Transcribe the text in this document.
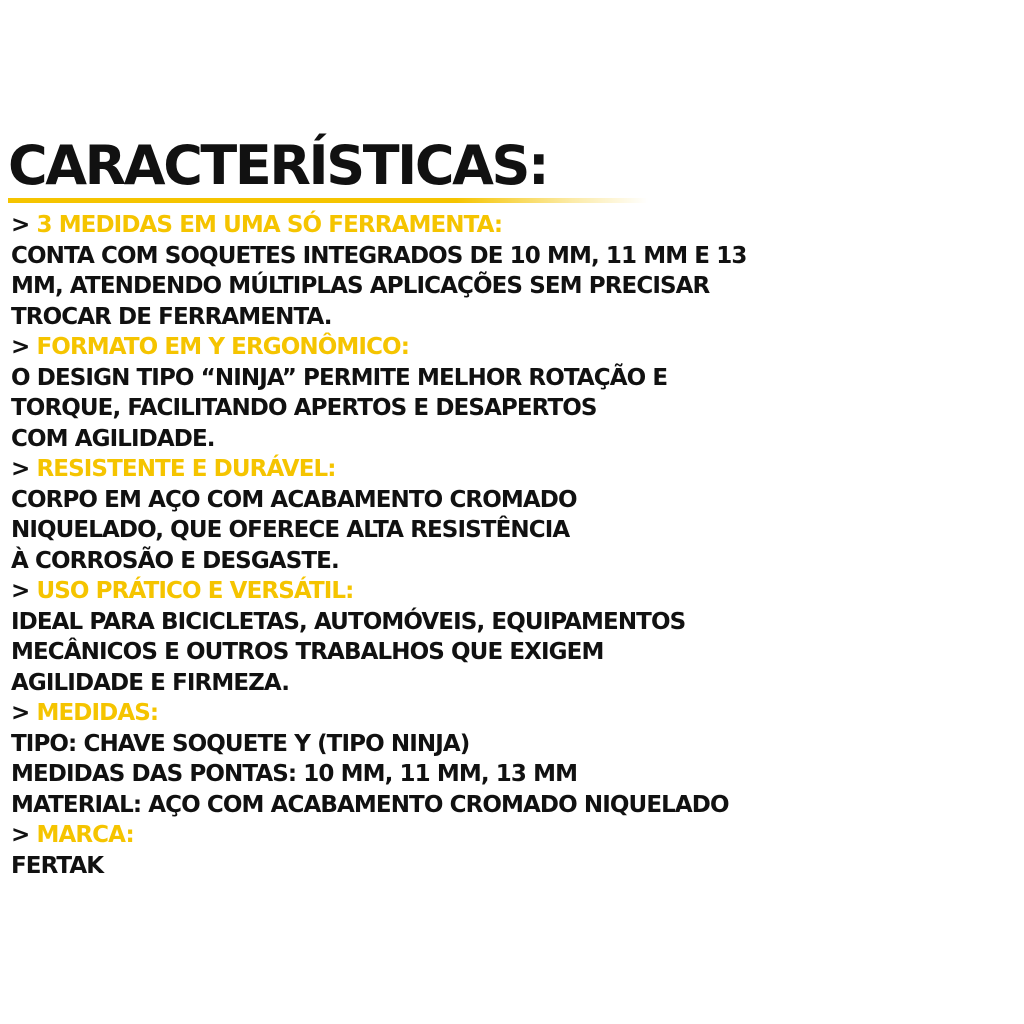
CARACTERÍSTICAS:
> 3 MEDIDAS EM UMA SÓ FERRAMENTA:
CONTA COM SOQUETES INTEGRADOS DE 10 MM, 11 MM E 13
MM, ATENDENDO MÚLTIPLAS APLICAÇÕES SEM PRECISAR
TROCAR DE FERRAMENTA.
> FORMATO EM Y ERGONÔMICO:
O DESIGN TIPO “NINJA” PERMITE MELHOR ROTAÇÃO E
TORQUE, FACILITANDO APERTOS E DESAPERTOS
COM AGILIDADE.
> RESISTENTE E DURÁVEL:
CORPO EM AÇO COM ACABAMENTO CROMADO
NIQUELADO, QUE OFERECE ALTA RESISTÊNCIA
À CORROSÃO E DESGASTE.
> USO PRÁTICO E VERSÁTIL:
IDEAL PARA BICICLETAS, AUTOMÓVEIS, EQUIPAMENTOS
MECÂNICOS E OUTROS TRABALHOS QUE EXIGEM
AGILIDADE E FIRMEZA.
> MEDIDAS:
TIPO: CHAVE SOQUETE Y (TIPO NINJA)
MEDIDAS DAS PONTAS: 10 MM, 11 MM, 13 MM
MATERIAL: AÇO COM ACABAMENTO CROMADO NIQUELADO
> MARCA:
FERTAK
